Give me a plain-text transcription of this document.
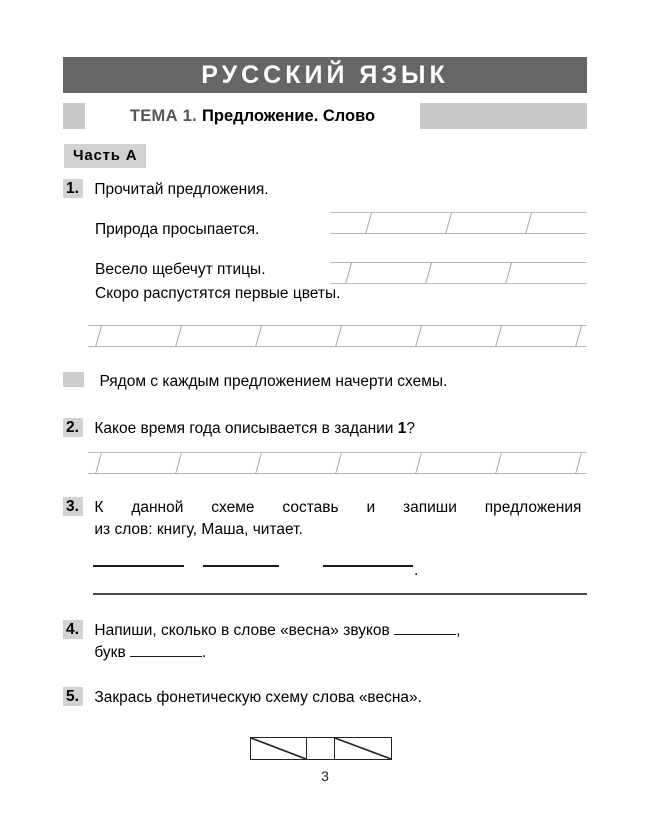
РУССКИЙ ЯЗЫК
ТЕМА 1. Предложение. Слово
Часть А
1. Прочитай предложения.
Природа просыпается.
Весело щебечут птицы.
Скоро распустятся первые цветы.
Рядом с каждым предложением начерти схемы.
2. Какое время года описывается в задании 1?
3. К данной схеме составь и запиши предложения
из слов: книгу, Маша, читает.
.
4. Напиши, сколько в слове «весна» звуков	,
букв	.
5. Закрась фонетическую схему слова «весна».
3
